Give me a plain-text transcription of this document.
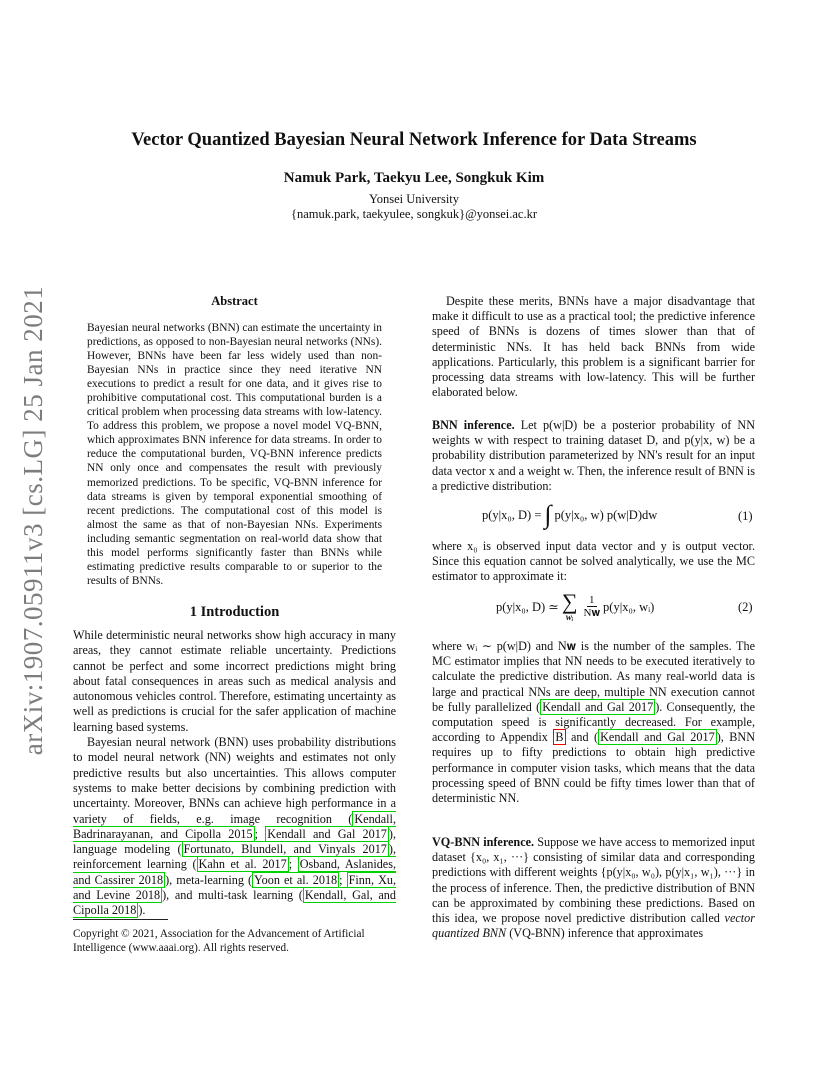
arXiv:1907.05911v3 [cs.LG] 25 Jan 2021
Vector Quantized Bayesian Neural Network Inference for Data Streams
Namuk Park, Taekyu Lee, Songkuk Kim
Yonsei University
{namuk.park, taekyulee, songkuk}@yonsei.ac.kr
Abstract
Bayesian neural networks (BNN) can estimate the uncertainty in predictions, as opposed to non-Bayesian neural networks (NNs). However, BNNs have been far less widely used than non-Bayesian NNs in practice since they need iterative NN executions to predict a result for one data, and it gives rise to prohibitive computational cost. This computational burden is a critical problem when processing data streams with low-latency. To address this problem, we propose a novel model VQ-BNN, which approximates BNN inference for data streams. In order to reduce the computational burden, VQ-BNN inference predicts NN only once and compensates the result with previously memorized predictions. To be specific, VQ-BNN inference for data streams is given by temporal exponential smoothing of recent predictions. The computational cost of this model is almost the same as that of non-Bayesian NNs. Experiments including semantic segmentation on real-world data show that this model performs significantly faster than BNNs while estimating predictive results comparable to or superior to the results of BNNs.
1 Introduction

While deterministic neural networks show high accuracy in many areas, they cannot estimate reliable uncertainty. Predictions cannot be perfect and some incorrect predictions might bring about fatal consequences in areas such as medical analysis and autonomous vehicles control. Therefore, estimating uncertainty as well as predictions is crucial for the safer application of machine learning based systems.

Bayesian neural network (BNN) uses probability distributions to model neural network (NN) weights and estimates not only predictive results but also uncertainties. This allows computer systems to make better decisions by combining prediction with uncertainty. Moreover, BNNs can achieve high performance in a variety of fields, e.g. image recognition ( Kendall, Badrinarayanan, and Cipolla 2015 ; Kendall and Gal 2017 ), language modeling ( Fortunato, Blundell, and Vinyals 2017 ), reinforcement learning ( Kahn et al. 2017 ; Osband, Aslanides, and Cassirer 2018 ), meta-learning ( Yoon et al. 2018 ; Finn, Xu, and Levine 2018 ), and multi-task learning ( Kendall, Gal, and Cipolla 2018 ).

Copyright © 2021, Association for the Advancement of Artificial Intelligence (www.aaai.org). All rights reserved.

Despite these merits, BNNs have a major disadvantage that make it difficult to use as a practical tool; the predictive inference speed of BNNs is dozens of times slower than that of deterministic NNs. It has held back BNNs from wide applications. Particularly, this problem is a significant barrier for processing data streams with low-latency. This will be further elaborated below.

BNN inference. Let p(w|D) be a posterior probability of NN weights w with respect to training dataset D, and p(y|x, w) be a probability distribution parameterized by NN's result for an input data vector x and a weight w. Then, the inference result of BNN is a predictive distribution:

p(y|x₀, D) = ∫ p(y|x₀, w) p(w|D)dw	(1)

where x₀ is observed input data vector and y is output vector. Since this equation cannot be solved analytically, we use the MC estimator to approximate it:

p(y|x₀, D) ≃ ∑
wᵢ $\frac{1}{\text{N𝐰}} p(y|x_0$, wᵢ)	(2)

where wᵢ ∼ p(w|D) and N𝐰 is the number of the samples. The MC estimator implies that NN needs to be executed iteratively to calculate the predictive distribution. As many real-world data is large and practical NNs are deep, multiple NN execution cannot be fully parallelized ( Kendall and Gal 2017 ). Consequently, the computation speed is significantly decreased. For example, according to Appendix B and ( Kendall and Gal 2017 ), BNN requires up to fifty predictions to obtain high predictive performance in computer vision tasks, which means that the data processing speed of BNN could be fifty times lower than that of deterministic NN.

VQ-BNN inference. Suppose we have access to memorized input dataset {x₀, x₁, ···} consisting of similar data and corresponding predictions with different weights {p(y|x₀, w₀), p(y|x₁, w₁), ···} in the process of inference. Then, the predictive distribution of BNN can be approximated by combining these predictions. Based on this idea, we propose novel predictive distribution called vector quantized BNN (VQ-BNN) inference that approximates
